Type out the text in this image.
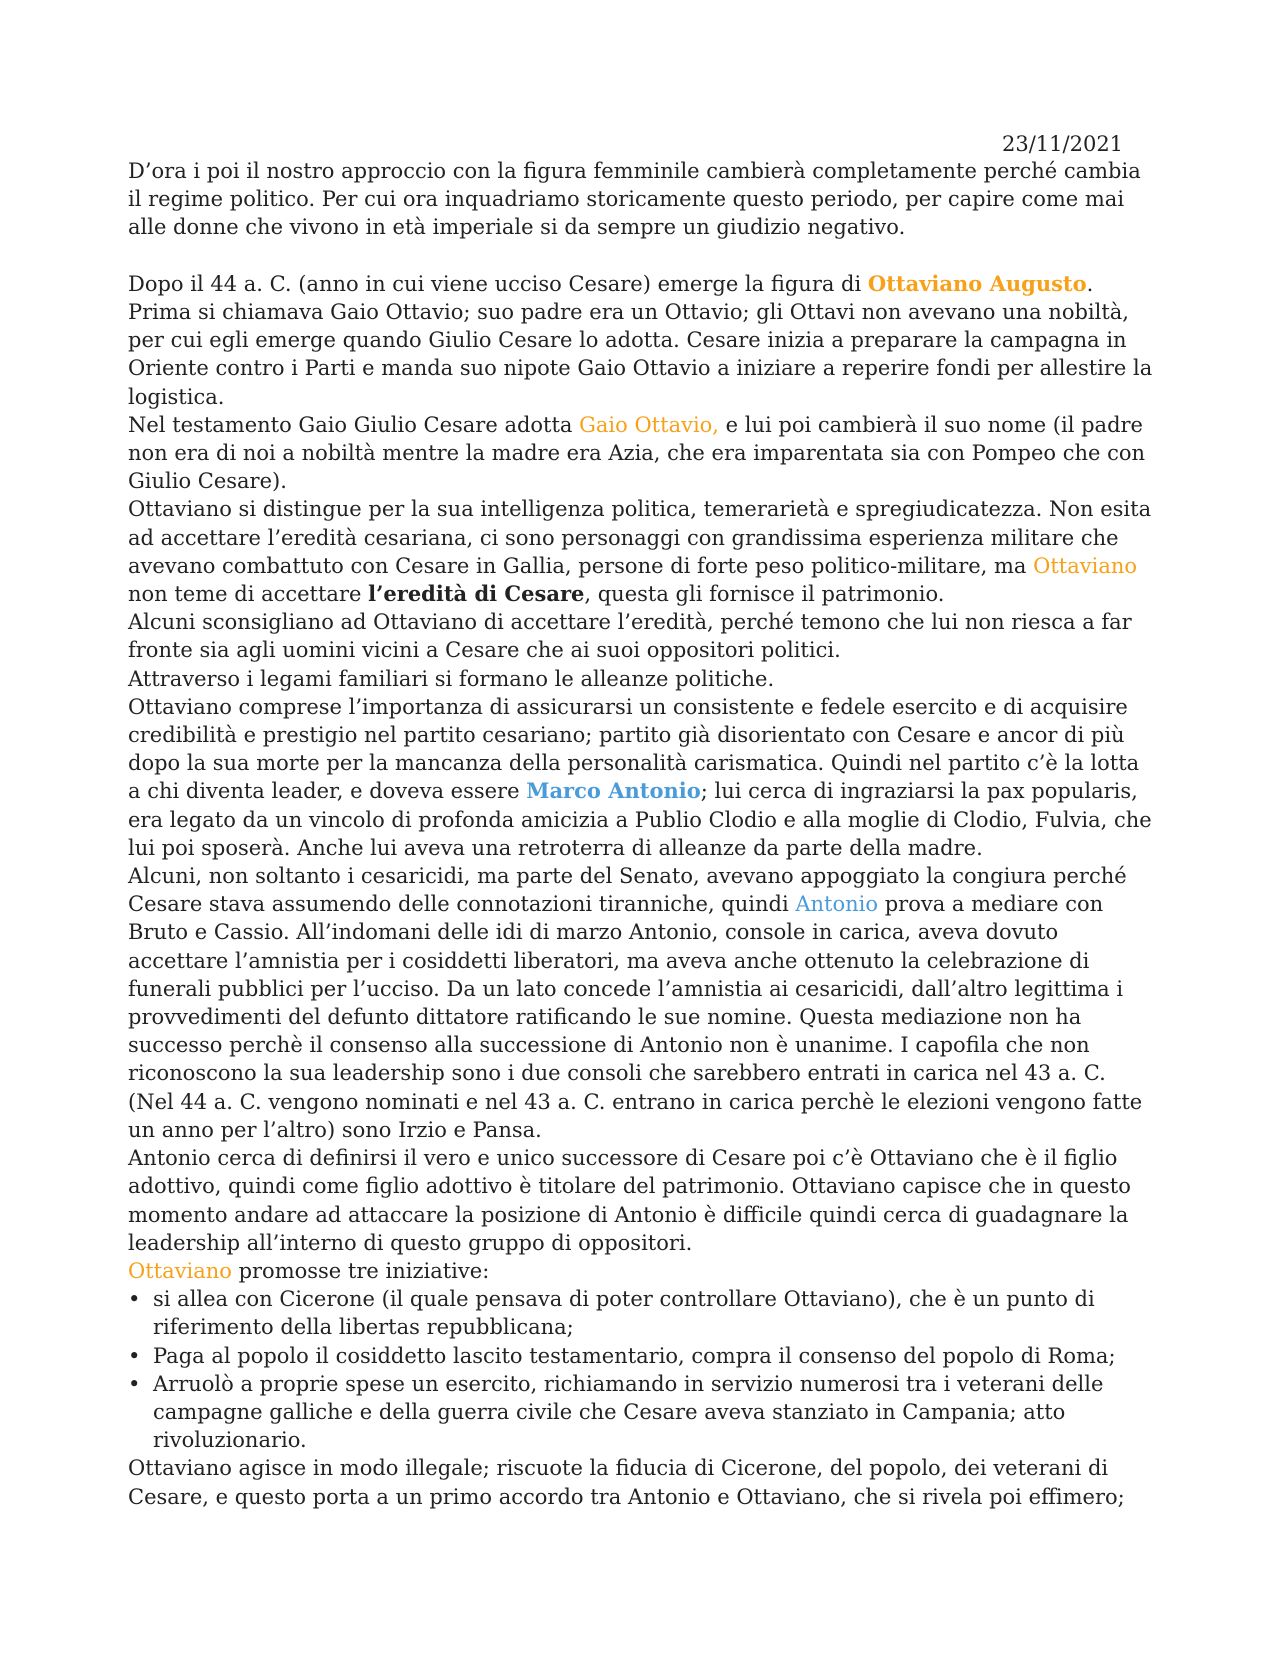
23/11/2021

D’ora i poi il nostro approccio con la figura femminile cambierà completamente perché cambia il regime politico. Per cui ora inquadriamo storicamente questo periodo, per capire come mai alle donne che vivono in età imperiale si da sempre un giudizio negativo.

Dopo il 44 a. C. (anno in cui viene ucciso Cesare) emerge la figura di Ottaviano Augusto. Prima si chiamava Gaio Ottavio; suo padre era un Ottavio; gli Ottavi non avevano una nobiltà, per cui egli emerge quando Giulio Cesare lo adotta. Cesare inizia a preparare la campagna in Oriente contro i Parti e manda suo nipote Gaio Ottavio a iniziare a reperire fondi per allestire la logistica.

Nel testamento Gaio Giulio Cesare adotta Gaio Ottavio, e lui poi cambierà il suo nome (il padre non era di noi a nobiltà mentre la madre era Azia, che era imparentata sia con Pompeo che con Giulio Cesare).

Ottaviano si distingue per la sua intelligenza politica, temerarietà e spregiudicatezza. Non esita ad accettare l’eredità cesariana, ci sono personaggi con grandissima esperienza militare che avevano combattuto con Cesare in Gallia, persone di forte peso politico-militare, ma Ottaviano non teme di accettare l’eredità di Cesare, questa gli fornisce il patrimonio.

Alcuni sconsigliano ad Ottaviano di accettare l’eredità, perché temono che lui non riesca a far fronte sia agli uomini vicini a Cesare che ai suoi oppositori politici.

Attraverso i legami familiari si formano le alleanze politiche.

Ottaviano comprese l’importanza di assicurarsi un consistente e fedele esercito e di acquisire credibilità e prestigio nel partito cesariano; partito già disorientato con Cesare e ancor di più dopo la sua morte per la mancanza della personalità carismatica. Quindi nel partito c’è la lotta a chi diventa leader, e doveva essere Marco Antonio; lui cerca di ingraziarsi la pax popularis, era legato da un vincolo di profonda amicizia a Publio Clodio e alla moglie di Clodio, Fulvia, che lui poi sposerà. Anche lui aveva una retroterra di alleanze da parte della madre.

Alcuni, non soltanto i cesaricidi, ma parte del Senato, avevano appoggiato la congiura perché Cesare stava assumendo delle connotazioni tiranniche, quindi Antonio prova a mediare con Bruto e Cassio. All’indomani delle idi di marzo Antonio, console in carica, aveva dovuto accettare l’amnistia per i cosiddetti liberatori, ma aveva anche ottenuto la celebrazione di funerali pubblici per l’ucciso. Da un lato concede l’amnistia ai cesaricidi, dall’altro legittima i provvedimenti del defunto dittatore ratificando le sue nomine. Questa mediazione non ha successo perchè il consenso alla successione di Antonio non è unanime. I capofila che non riconoscono la sua leadership sono i due consoli che sarebbero entrati in carica nel 43 a. C. (Nel 44 a. C. vengono nominati e nel 43 a. C. entrano in carica perchè le elezioni vengono fatte un anno per l’altro) sono Irzio e Pansa.

Antonio cerca di definirsi il vero e unico successore di Cesare poi c’è Ottaviano che è il figlio adottivo, quindi come figlio adottivo è titolare del patrimonio. Ottaviano capisce che in questo momento andare ad attaccare la posizione di Antonio è difficile quindi cerca di guadagnare la leadership all’interno di questo gruppo di oppositori.

Ottaviano promosse tre iniziative:

• si allea con Cicerone (il quale pensava di poter controllare Ottaviano), che è un punto di riferimento della libertas repubblicana;
• Paga al popolo il cosiddetto lascito testamentario, compra il consenso del popolo di Roma;
• Arruolò a proprie spese un esercito, richiamando in servizio numerosi tra i veterani delle campagne galliche e della guerra civile che Cesare aveva stanziato in Campania; atto rivoluzionario.

Ottaviano agisce in modo illegale; riscuote la fiducia di Cicerone, del popolo, dei veterani di Cesare, e questo porta a un primo accordo tra Antonio e Ottaviano, che si rivela poi effimero;
